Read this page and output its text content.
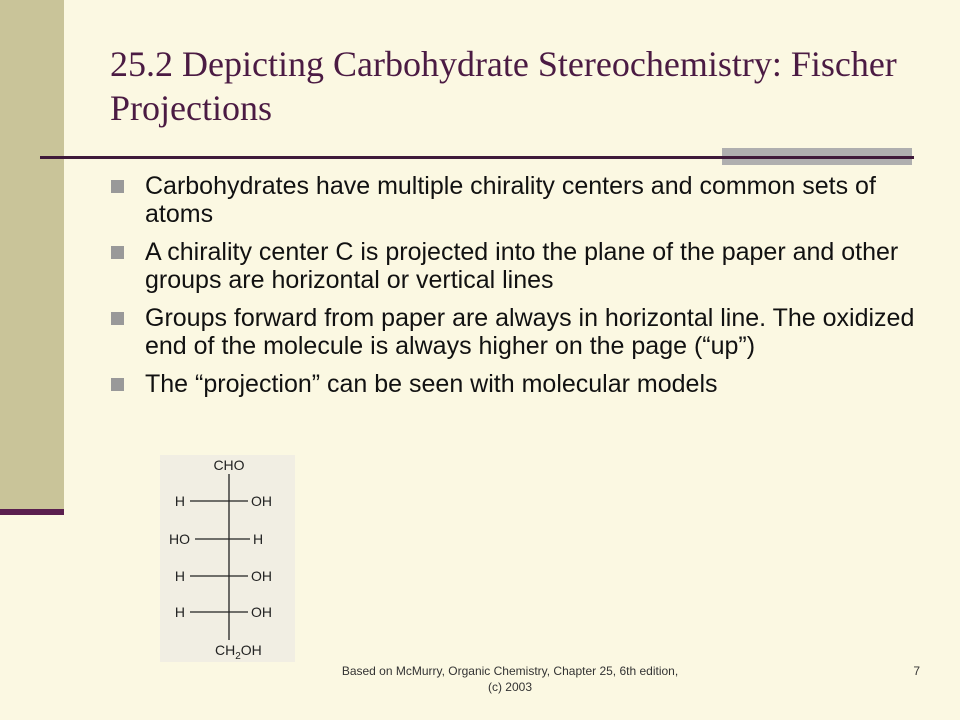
25.2 Depicting Carbohydrate Stereochemistry: Fischer Projections
Carbohydrates have multiple chirality centers and common sets of atoms
A chirality center C is projected into the plane of the paper and other groups are horizontal or vertical lines
Groups forward from paper are always in horizontal line. The oxidized end of the molecule is always higher on the page (“up”)
The “projection” can be seen with molecular models
CHO
H	OH
HO	H
H	OH
H	OH
$CH_2OH$
Based on McMurry, Organic Chemistry, Chapter 25, 6th edition, (c) 2003
7
